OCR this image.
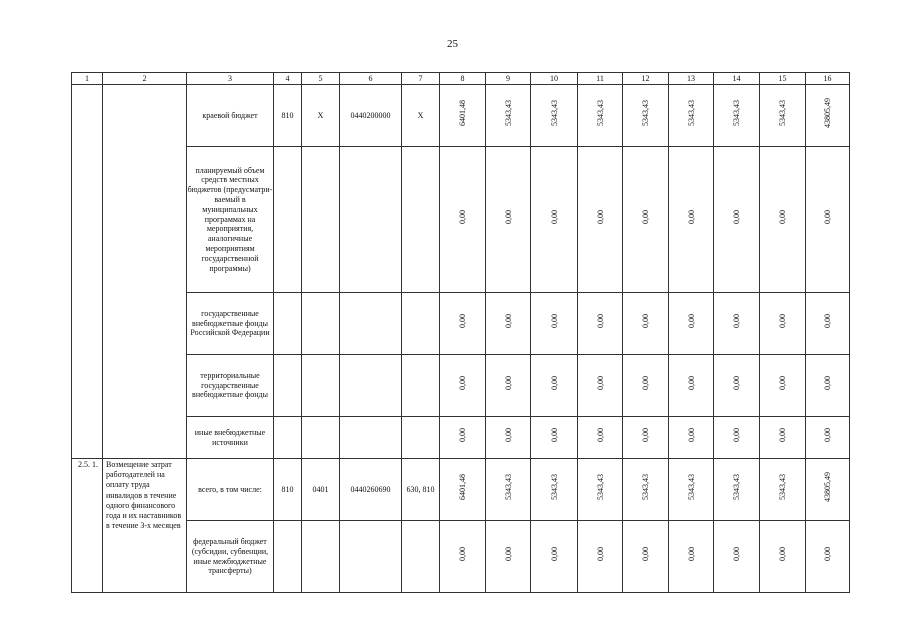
25
1	2	3	4	5	6	7	8	9	10	11	12	13	14	15	16
		краевой бюджет	810	X	0440200000	X	6401,48	5343,43	5343,43	5343,43	5343,43	5343,43	5343,43	5343,43	43805,49
		планируемый объем средств местных бюджетов (предусматри-ваемый в муниципальных программах на мероприятия, аналогичные мероприятиям государственной программы)					0,00	0,00	0,00	0,00	0,00	0,00	0,00	0,00	0,00
		государственные внебюджетные фонды Российской Федерации					0,00	0,00	0,00	0,00	0,00	0,00	0,00	0,00	0,00
		территориальные государственные внебюджетные фонды					0,00	0,00	0,00	0,00	0,00	0,00	0,00	0,00	0,00
		иные внебюджетные источники					0,00	0,00	0,00	0,00	0,00	0,00	0,00	0,00	0,00
2.5. 1.	Возмещение затрат работодателей на оплату труда инвалидов в течение одного финансового года и их наставников в течение 3-х месяцев	всего, в том числе:	810	0401	0440260690	630, 810	6401,48	5343,43	5343,43	5343,43	5343,43	5343,43	5343,43	5343,43	43805,49
		федеральный бюджет (субсидии, субвенции, иные межбюджетные трансферты)					0,00	0,00	0,00	0,00	0,00	0,00	0,00	0,00	0,00
